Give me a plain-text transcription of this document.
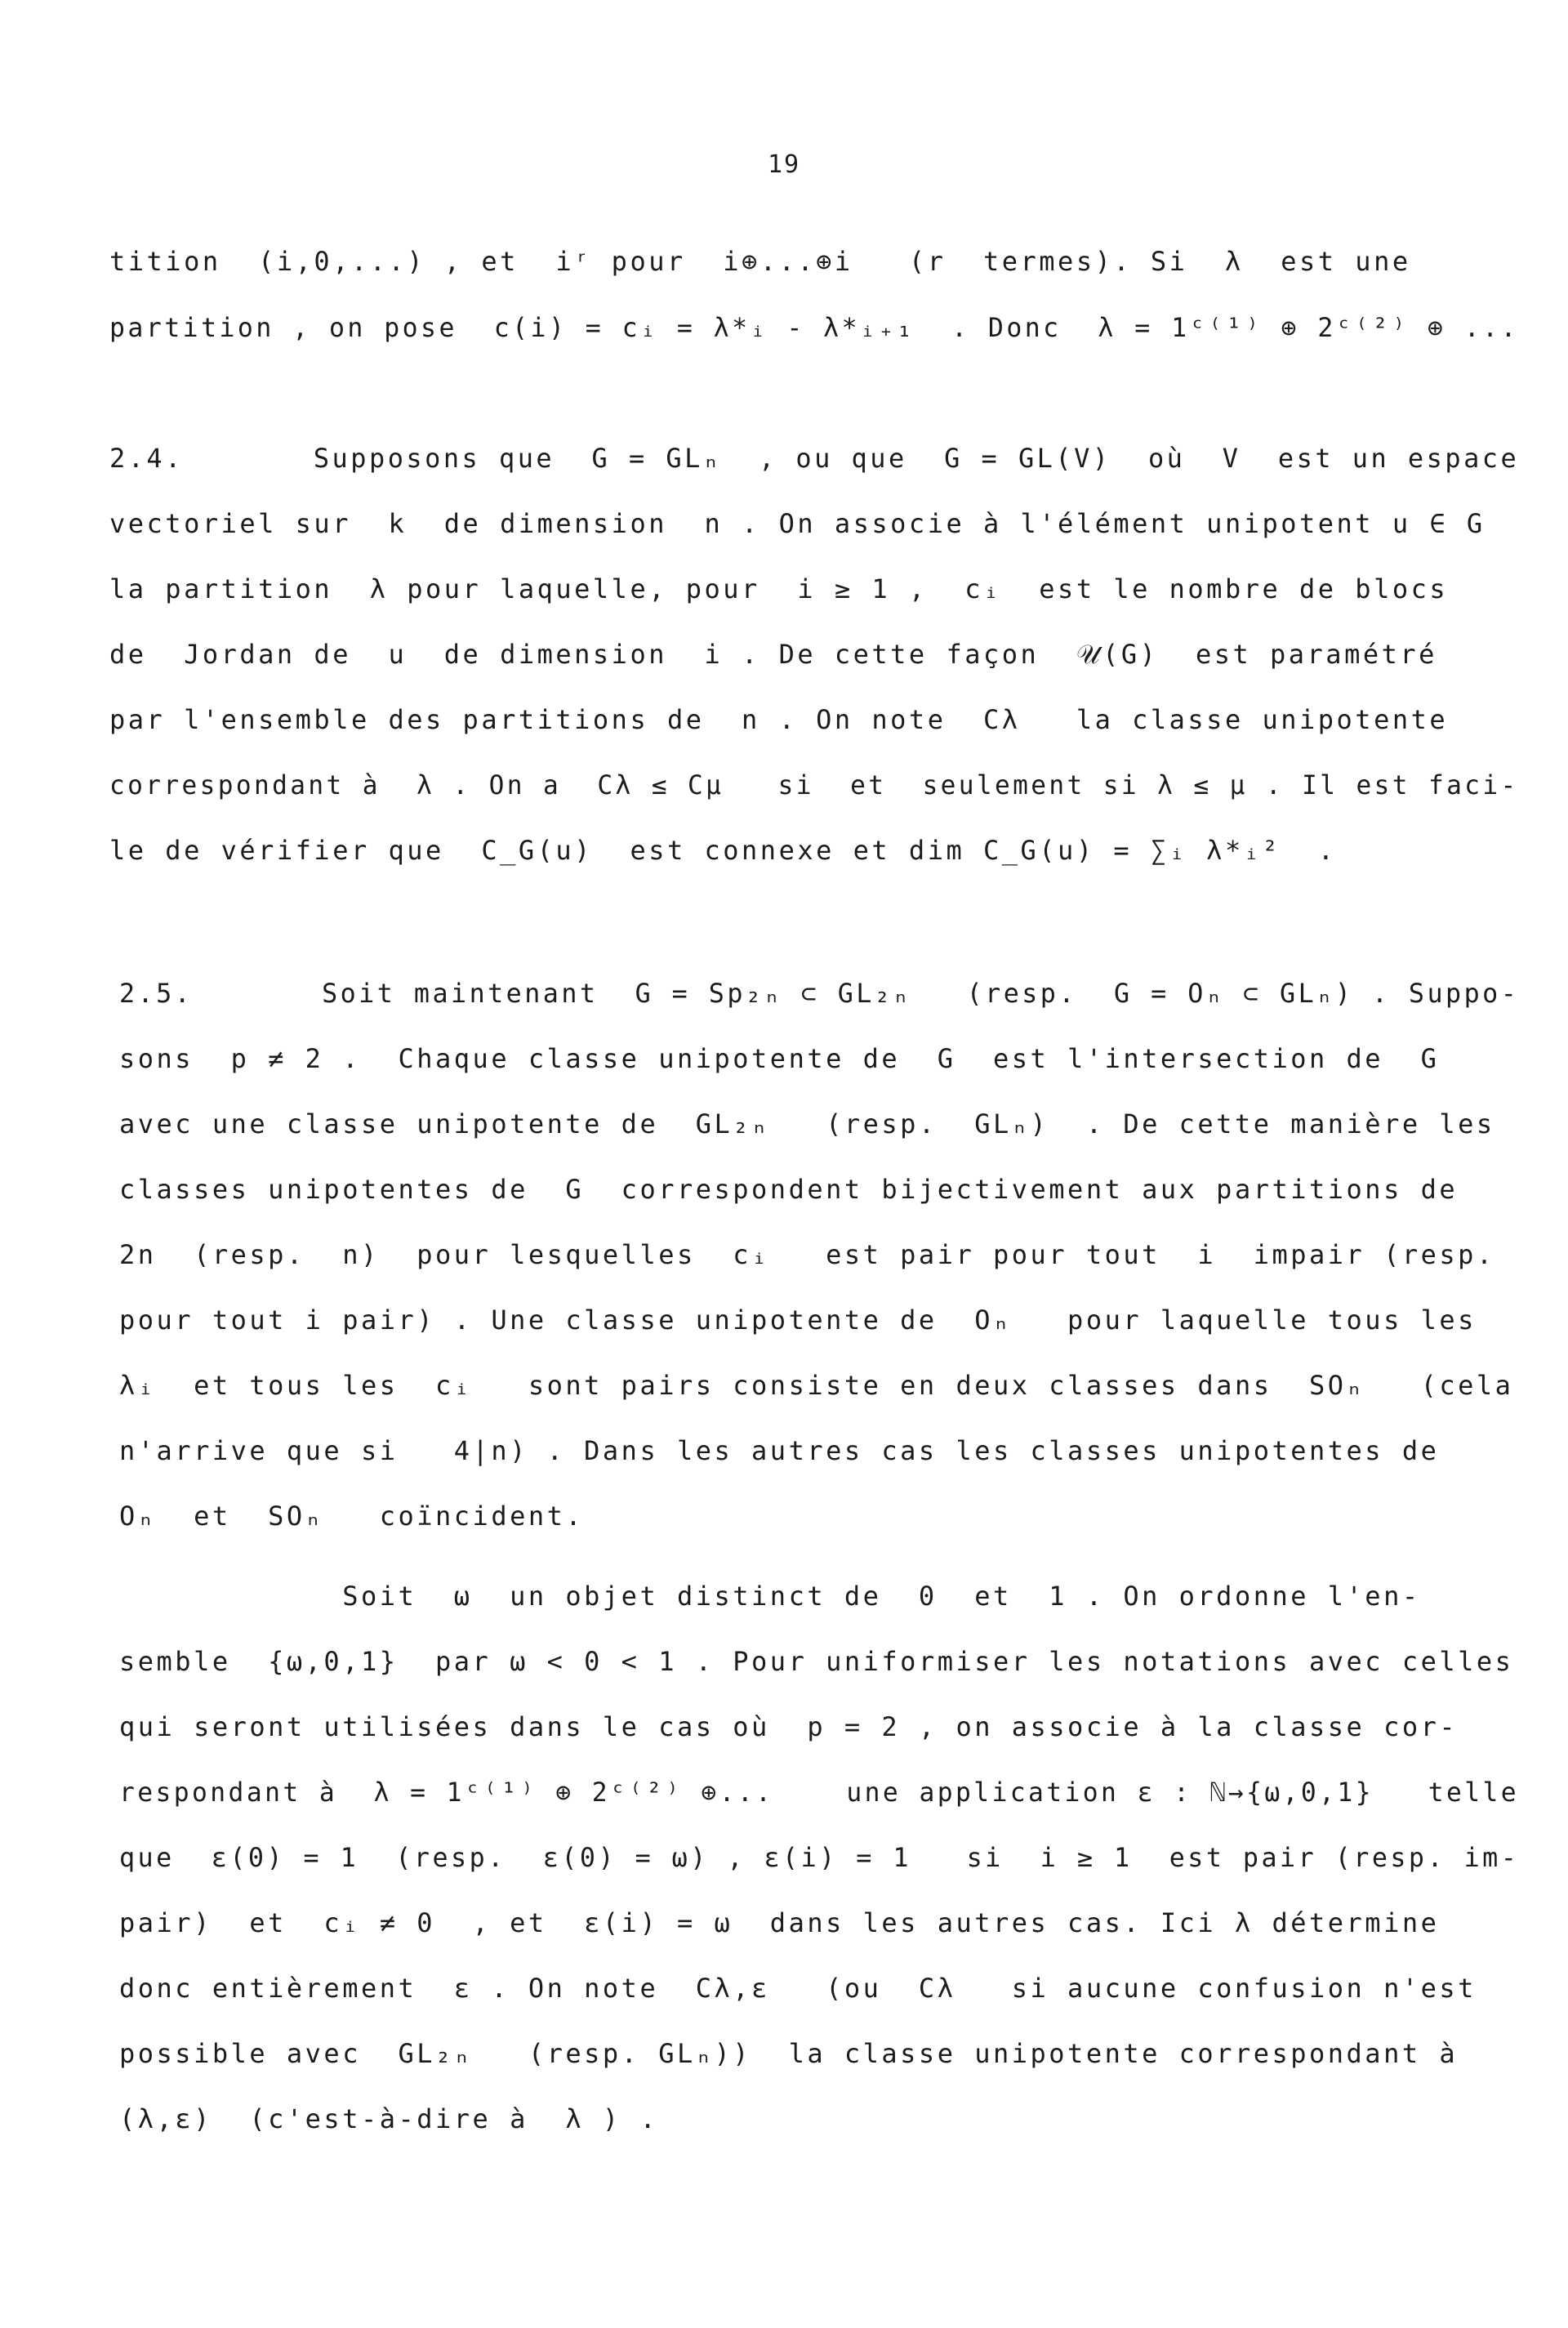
19
tition  (i,0,...) , et  iʳ pour  i⊕...⊕i   (r  termes). Si  λ  est une
partition , on pose  c(i) = cᵢ = λ*ᵢ - λ*ᵢ₊₁  . Donc  λ = 1ᶜ⁽¹⁾ ⊕ 2ᶜ⁽²⁾ ⊕ ...
2.4.       Supposons que  G = GLₙ  , ou que  G = GL(V)  où  V  est un espace
vectoriel sur  k  de dimension  n . On associe à l'élément unipotent u ∈ G
la partition  λ pour laquelle, pour  i ≥ 1 ,  cᵢ  est le nombre de blocs
de  Jordan de  u  de dimension  i . De cette façon  𝒰(G)  est paramétré
par l'ensemble des partitions de  n . On note  Cλ   la classe unipotente
correspondant à  λ . On a  Cλ ≤ Cμ   si  et  seulement si λ ≤ μ . Il est faci-
le de vérifier que  C_G(u)  est connexe et dim C_G(u) = ∑ᵢ λ*ᵢ²  .
2.5.       Soit maintenant  G = Sp₂ₙ ⊂ GL₂ₙ   (resp.  G = Oₙ ⊂ GLₙ) . Suppo-
sons  p ≠ 2 .  Chaque classe unipotente de  G  est l'intersection de  G
avec une classe unipotente de  GL₂ₙ   (resp.  GLₙ)  . De cette manière les
classes unipotentes de  G  correspondent bijectivement aux partitions de
2n  (resp.  n)  pour lesquelles  cᵢ   est pair pour tout  i  impair (resp.
pour tout i pair) . Une classe unipotente de  Oₙ   pour laquelle tous les
λᵢ  et tous les  cᵢ   sont pairs consiste en deux classes dans  SOₙ   (cela
n'arrive que si   4|n) . Dans les autres cas les classes unipotentes de
Oₙ  et  SOₙ   coïncident.
Soit  ω  un objet distinct de  0  et  1 . On ordonne l'en-
semble  {ω,0,1}  par ω < 0 < 1 . Pour uniformiser les notations avec celles
qui seront utilisées dans le cas où  p = 2 , on associe à la classe cor-
respondant à  λ = 1ᶜ⁽¹⁾ ⊕ 2ᶜ⁽²⁾ ⊕...    une application ε : ℕ→{ω,0,1}   telle
que  ε(0) = 1  (resp.  ε(0) = ω) , ε(i) = 1   si  i ≥ 1  est pair (resp. im-
pair)  et  cᵢ ≠ 0  , et  ε(i) = ω  dans les autres cas. Ici λ détermine
donc entièrement  ε . On note  Cλ,ε   (ou  Cλ   si aucune confusion n'est
possible avec  GL₂ₙ   (resp. GLₙ))  la classe unipotente correspondant à
(λ,ε)  (c'est-à-dire à  λ ) .
